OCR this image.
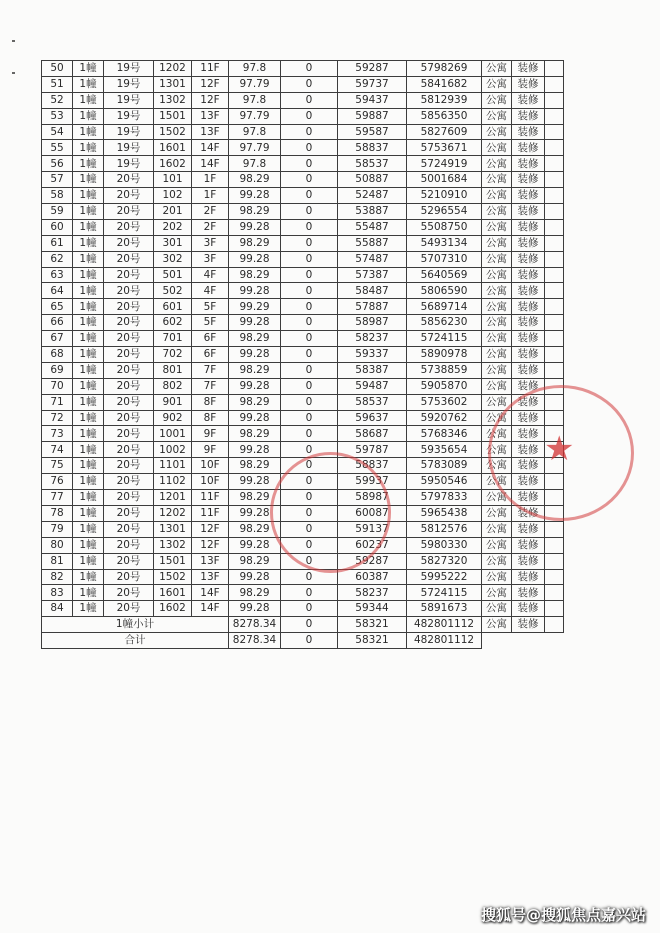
50	1幢	19号	1202	11F	97.8	0	59287	5798269	公寓	装修	
51	1幢	19号	1301	12F	97.79	0	59737	5841682	公寓	装修	
52	1幢	19号	1302	12F	97.8	0	59437	5812939	公寓	装修	
53	1幢	19号	1501	13F	97.79	0	59887	5856350	公寓	装修	
54	1幢	19号	1502	13F	97.8	0	59587	5827609	公寓	装修	
55	1幢	19号	1601	14F	97.79	0	58837	5753671	公寓	装修	
56	1幢	19号	1602	14F	97.8	0	58537	5724919	公寓	装修	
57	1幢	20号	101	1F	98.29	0	50887	5001684	公寓	装修	
58	1幢	20号	102	1F	99.28	0	52487	5210910	公寓	装修	
59	1幢	20号	201	2F	98.29	0	53887	5296554	公寓	装修	
60	1幢	20号	202	2F	99.28	0	55487	5508750	公寓	装修	
61	1幢	20号	301	3F	98.29	0	55887	5493134	公寓	装修	
62	1幢	20号	302	3F	99.28	0	57487	5707310	公寓	装修	
63	1幢	20号	501	4F	98.29	0	57387	5640569	公寓	装修	
64	1幢	20号	502	4F	99.28	0	58487	5806590	公寓	装修	
65	1幢	20号	601	5F	99.29	0	57887	5689714	公寓	装修	
66	1幢	20号	602	5F	99.28	0	58987	5856230	公寓	装修	
67	1幢	20号	701	6F	98.29	0	58237	5724115	公寓	装修	
68	1幢	20号	702	6F	99.28	0	59337	5890978	公寓	装修	
69	1幢	20号	801	7F	98.29	0	58387	5738859	公寓	装修	
70	1幢	20号	802	7F	99.28	0	59487	5905870	公寓	装修	
71	1幢	20号	901	8F	98.29	0	58537	5753602	公寓	装修	
72	1幢	20号	902	8F	99.28	0	59637	5920762	公寓	装修	
73	1幢	20号	1001	9F	98.29	0	58687	5768346	公寓	装修	
74	1幢	20号	1002	9F	99.28	0	59787	5935654	公寓	装修	
75	1幢	20号	1101	10F	98.29	0	58837	5783089	公寓	装修	
76	1幢	20号	1102	10F	99.28	0	59937	5950546	公寓	装修	
77	1幢	20号	1201	11F	98.29	0	58987	5797833	公寓	装修	
78	1幢	20号	1202	11F	99.28	0	60087	5965438	公寓	装修	
79	1幢	20号	1301	12F	98.29	0	59137	5812576	公寓	装修	
80	1幢	20号	1302	12F	99.28	0	60237	5980330	公寓	装修	
81	1幢	20号	1501	13F	98.29	0	59287	5827320	公寓	装修	
82	1幢	20号	1502	13F	99.28	0	60387	5995222	公寓	装修	
83	1幢	20号	1601	14F	98.29	0	58237	5724115	公寓	装修	
84	1幢	20号	1602	14F	99.28	0	59344	5891673	公寓	装修	
1幢小计					8278.34	0	58321	482801112	公寓	装修	
合计					8278.34	0	58321	482801112			
★
搜狐号@搜狐焦点嘉兴站
